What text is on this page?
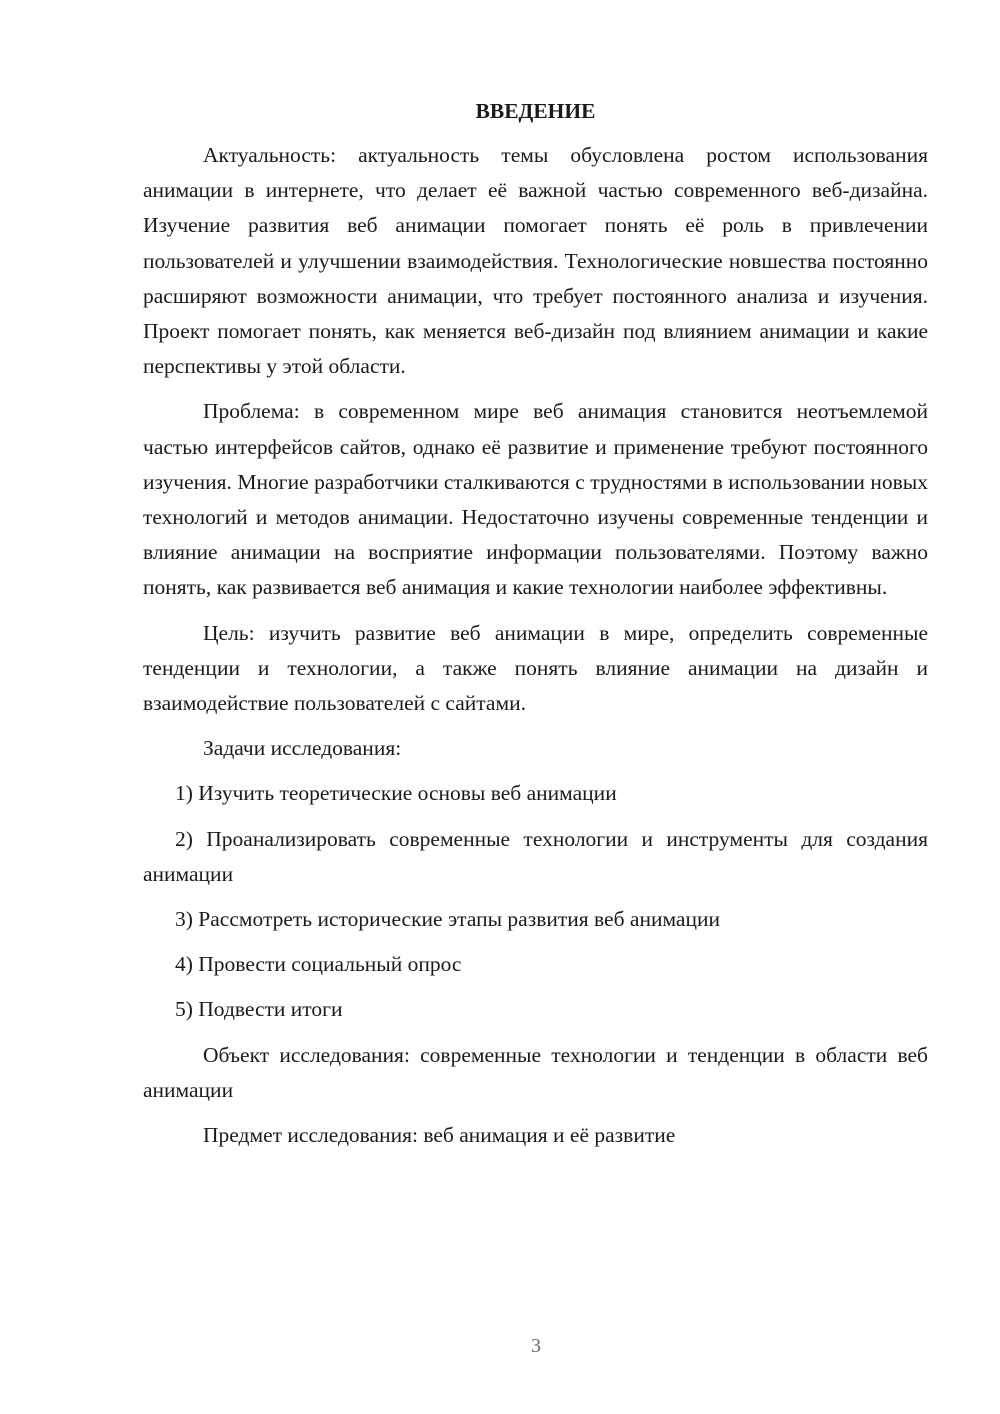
ВВЕДЕНИЕ

Актуальность: актуальность темы обусловлена ростом использования анимации в интернете, что делает её важной частью современного веб-дизайна. Изучение развития веб анимации помогает понять её роль в привлечении пользователей и улучшении взаимодействия. Технологические новшества постоянно расширяют возможности анимации, что требует постоянного анализа и изучения. Проект помогает понять, как меняется веб-дизайн под влиянием анимации и какие перспективы у этой области.

Проблема: в современном мире веб анимация становится неотъемлемой частью интерфейсов сайтов, однако её развитие и применение требуют постоянного изучения. Многие разработчики сталкиваются с трудностями в использовании новых технологий и методов анимации. Недостаточно изучены современные тенденции и влияние анимации на восприятие информации пользователями. Поэтому важно понять, как развивается веб анимация и какие технологии наиболее эффективны.

Цель: изучить развитие веб анимации в мире, определить современные тенденции и технологии, а также понять влияние анимации на дизайн и взаимодействие пользователей с сайтами.

Задачи исследования:

1) Изучить теоретические основы веб анимации

2) Проанализировать современные технологии и инструменты для создания анимации

3) Рассмотреть исторические этапы развития веб анимации

4) Провести социальный опрос

5) Подвести итоги

Объект исследования: современные технологии и тенденции в области веб анимации

Предмет исследования: веб анимация и её развитие

3
